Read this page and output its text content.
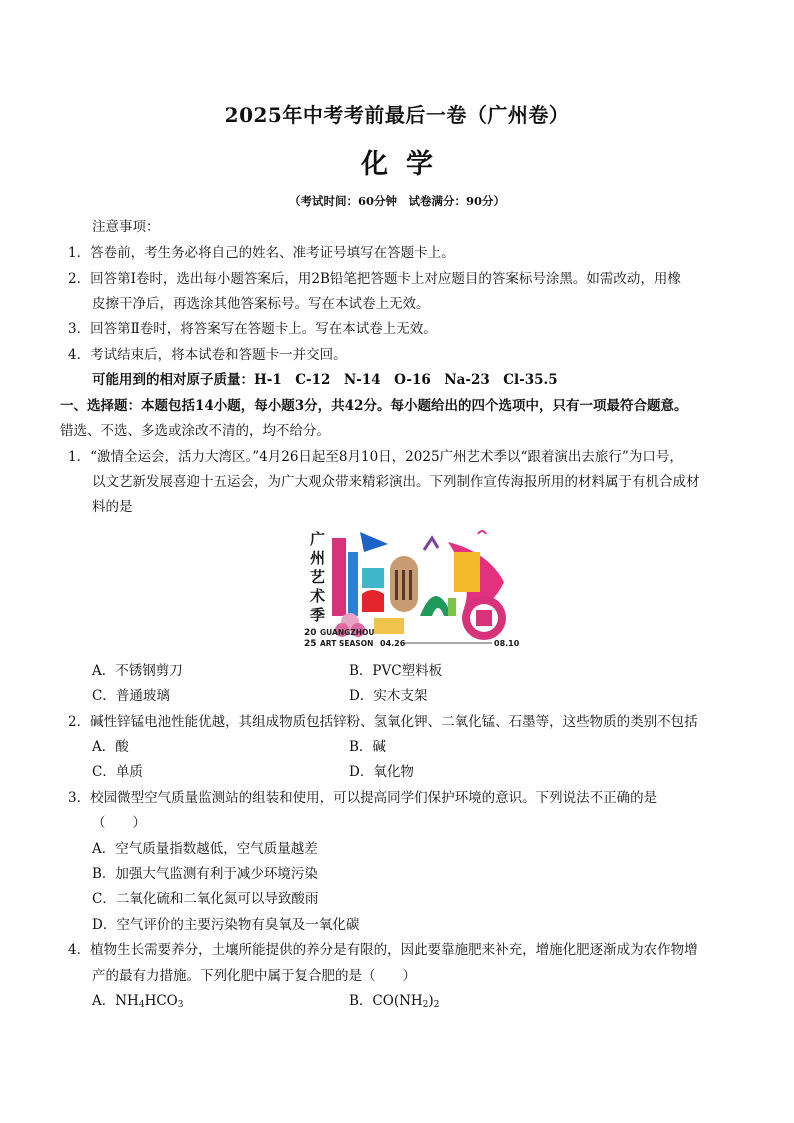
2025年中考考前最后一卷（广州卷）
化学
（考试时间：60分钟　试卷满分：90分）
注意事项：
1．答卷前，考生务必将自己的姓名、准考证号填写在答题卡上。
2．回答第Ⅰ卷时，选出每小题答案后，用2B铅笔把答题卡上对应题目的答案标号涂黑。如需改动，用橡
皮擦干净后，再选涂其他答案标号。写在本试卷上无效。
3．回答第Ⅱ卷时，将答案写在答题卡上。写在本试卷上无效。
4．考试结束后，将本试卷和答题卡一并交回。
可能用到的相对原子质量：H-1　C-12　N-14　O-16　Na-23　Cl-35.5
一、选择题：本题包括14小题，每小题3分，共42分。每小题给出的四个选项中，只有一项最符合题意。
错选、不选、多选或涂改不清的，均不给分。
1．“激情全运会，活力大湾区。”4月26日起至8月10日，2025广州艺术季以“跟着演出去旅行”为口号，
以文艺新发展喜迎十五运会，为广大观众带来精彩演出。下列制作宣传海报所用的材料属于有机合成材
料的是
广
州
艺
术
季
20
25
GUANGZHOU
ART SEASON 04.26	08.10
A．不锈钢剪刀	B．PVC塑料板
C．普通玻璃	D．实木支架
2．碱性锌锰电池性能优越，其组成物质包括锌粉、氢氧化钾、二氧化锰、石墨等，这些物质的类别不包括
A．酸	B．碱
C．单质	D．氧化物
3．校园微型空气质量监测站的组装和使用，可以提高同学们保护环境的意识。下列说法不正确的是
（　　）
A．空气质量指数越低，空气质量越差
B．加强大气监测有利于减少环境污染
C．二氧化硫和二氧化氮可以导致酸雨
D．空气评价的主要污染物有臭氧及一氧化碳
4．植物生长需要养分，土壤所能提供的养分是有限的，因此要靠施肥来补充，增施化肥逐渐成为农作物增
产的最有力措施。下列化肥中属于复合肥的是（　　）
A．$NH_4HCO_3$	B．$CO(NH_2)_2$
